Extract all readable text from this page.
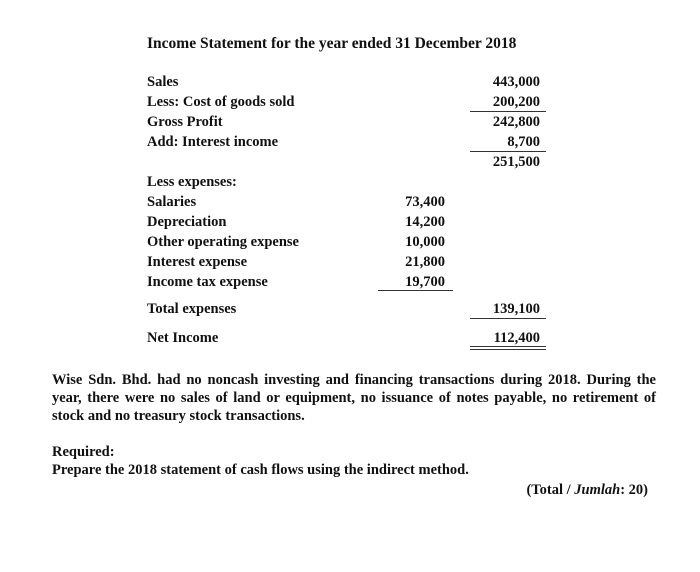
Income Statement for the year ended 31 December 2018
Sales	443,000
Less: Cost of goods sold	200,200
Gross Profit	242,800
Add: Interest income	8,700
251,500
Less expenses:
Salaries	73,400
Depreciation	14,200
Other operating expense	10,000
Interest expense	21,800
Income tax expense	19,700
Total expenses	139,100
Net Income	112,400
Wise Sdn. Bhd. had no noncash investing and financing transactions during 2018. During the year, there were no sales of land or equipment, no issuance of notes payable, no retirement of stock and no treasury stock transactions.
Required:
Prepare the 2018 statement of cash flows using the indirect method.
(Total / Jumlah: 20)
